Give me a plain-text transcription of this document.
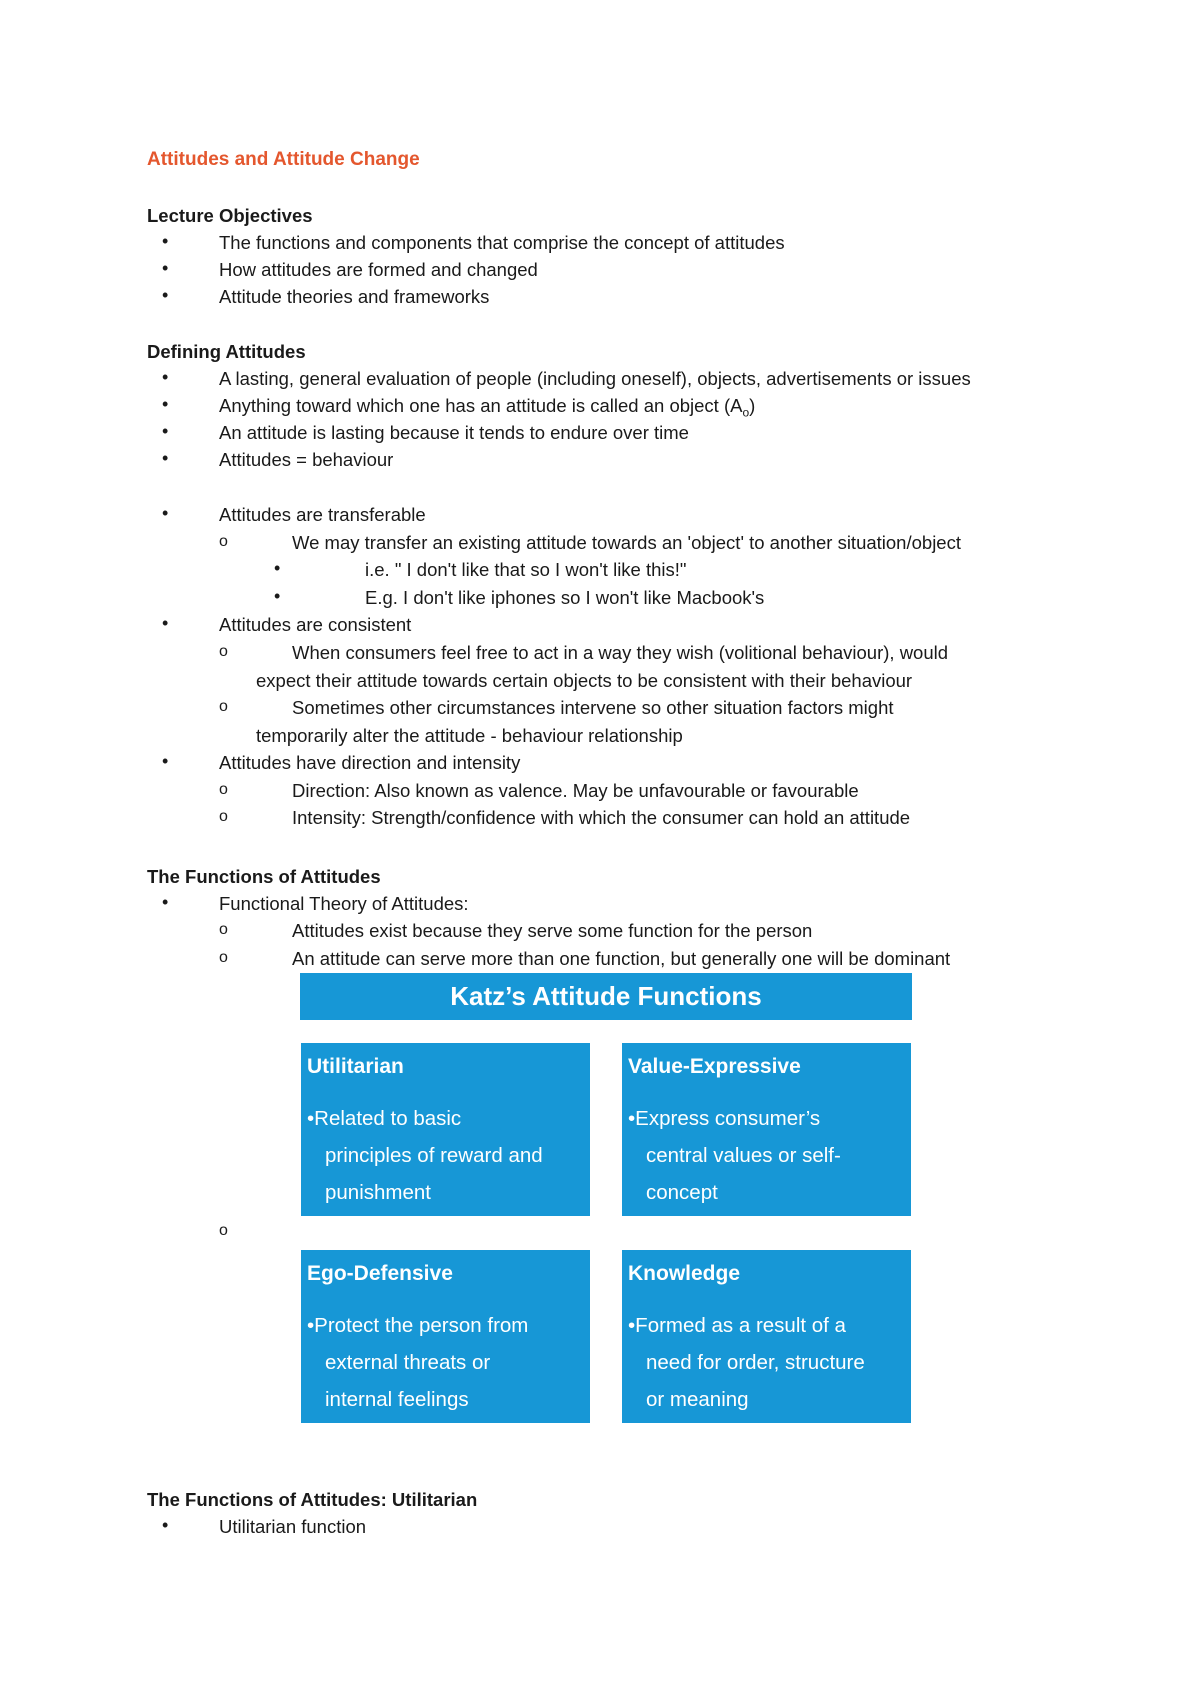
Attitudes and Attitude Change
Lecture Objectives
•	The functions and components that comprise the concept of attitudes
•	How attitudes are formed and changed
•	Attitude theories and frameworks
Defining Attitudes
•	A lasting, general evaluation of people (including oneself), objects, advertisements or issues
•	Anything toward which one has an attitude is called an object $(A_o)$
•	An attitude is lasting because it tends to endure over time
•	Attitudes = behaviour
•	Attitudes are transferable
o	We may transfer an existing attitude towards an 'object' to another situation/object
•	i.e. " I don't like that so I won't like this!"
•	E.g. I don't like iphones so I won't like Macbook's
•	Attitudes are consistent
o	When consumers feel free to act in a way they wish (volitional behaviour), would
expect their attitude towards certain objects to be consistent with their behaviour
o	Sometimes other circumstances intervene so other situation factors might
temporarily alter the attitude - behaviour relationship
•	Attitudes have direction and intensity
o	Direction: Also known as valence. May be unfavourable or favourable
o	Intensity: Strength/confidence with which the consumer can hold an attitude
The Functions of Attitudes
•	Functional Theory of Attitudes:
o	Attitudes exist because they serve some function for the person
o	An attitude can serve more than one function, but generally one will be dominant
Katz’s Attitude Functions
Utilitarian
•Related to basic
principles of reward and
punishment
Value-Expressive
•Express consumer’s
central values or self-
concept
Ego-Defensive
•Protect the person from
external threats or
internal feelings
Knowledge
•Formed as a result of a
need for order, structure
or meaning
o
The Functions of Attitudes: Utilitarian
•	Utilitarian function
